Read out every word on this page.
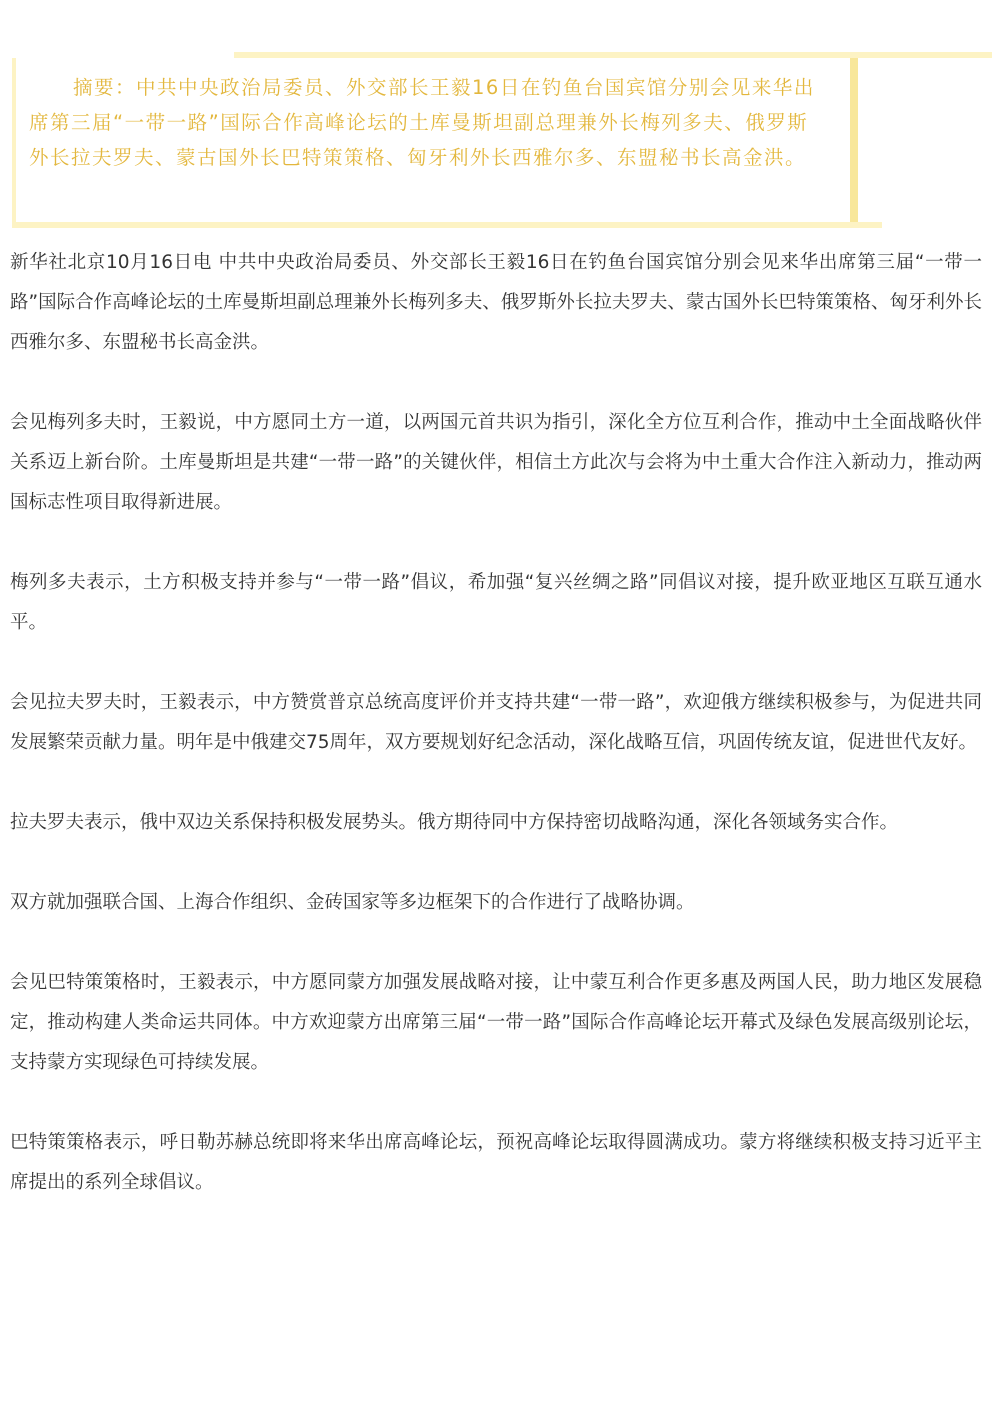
摘要：中共中央政治局委员、外交部长王毅16日在钓鱼台国宾馆分别会见来华出席第三届“一带一路”国际合作高峰论坛的土库曼斯坦副总理兼外长梅列多夫、俄罗斯外长拉夫罗夫、蒙古国外长巴特策策格、匈牙利外长西雅尔多、东盟秘书长高金洪。

新华社北京10月16日电 中共中央政治局委员、外交部长王毅16日在钓鱼台国宾馆分别会见来华出席第三届“一带一路”国际合作高峰论坛的土库曼斯坦副总理兼外长梅列多夫、俄罗斯外长拉夫罗夫、蒙古国外长巴特策策格、匈牙利外长西雅尔多、东盟秘书长高金洪。

会见梅列多夫时，王毅说，中方愿同土方一道，以两国元首共识为指引，深化全方位互利合作，推动中土全面战略伙伴关系迈上新台阶。土库曼斯坦是共建“一带一路”的关键伙伴，相信土方此次与会将为中土重大合作注入新动力，推动两国标志性项目取得新进展。

梅列多夫表示，土方积极支持并参与“一带一路”倡议，希加强“复兴丝绸之路”同倡议对接，提升欧亚地区互联互通水平。

会见拉夫罗夫时，王毅表示，中方赞赏普京总统高度评价并支持共建“一带一路”，欢迎俄方继续积极参与，为促进共同发展繁荣贡献力量。明年是中俄建交75周年，双方要规划好纪念活动，深化战略互信，巩固传统友谊，促进世代友好。

拉夫罗夫表示，俄中双边关系保持积极发展势头。俄方期待同中方保持密切战略沟通，深化各领域务实合作。

双方就加强联合国、上海合作组织、金砖国家等多边框架下的合作进行了战略协调。

会见巴特策策格时，王毅表示，中方愿同蒙方加强发展战略对接，让中蒙互利合作更多惠及两国人民，助力地区发展稳定，推动构建人类命运共同体。中方欢迎蒙方出席第三届“一带一路”国际合作高峰论坛开幕式及绿色发展高级别论坛，支持蒙方实现绿色可持续发展。

巴特策策格表示，呼日勒苏赫总统即将来华出席高峰论坛，预祝高峰论坛取得圆满成功。蒙方将继续积极支持习近平主席提出的系列全球倡议。
